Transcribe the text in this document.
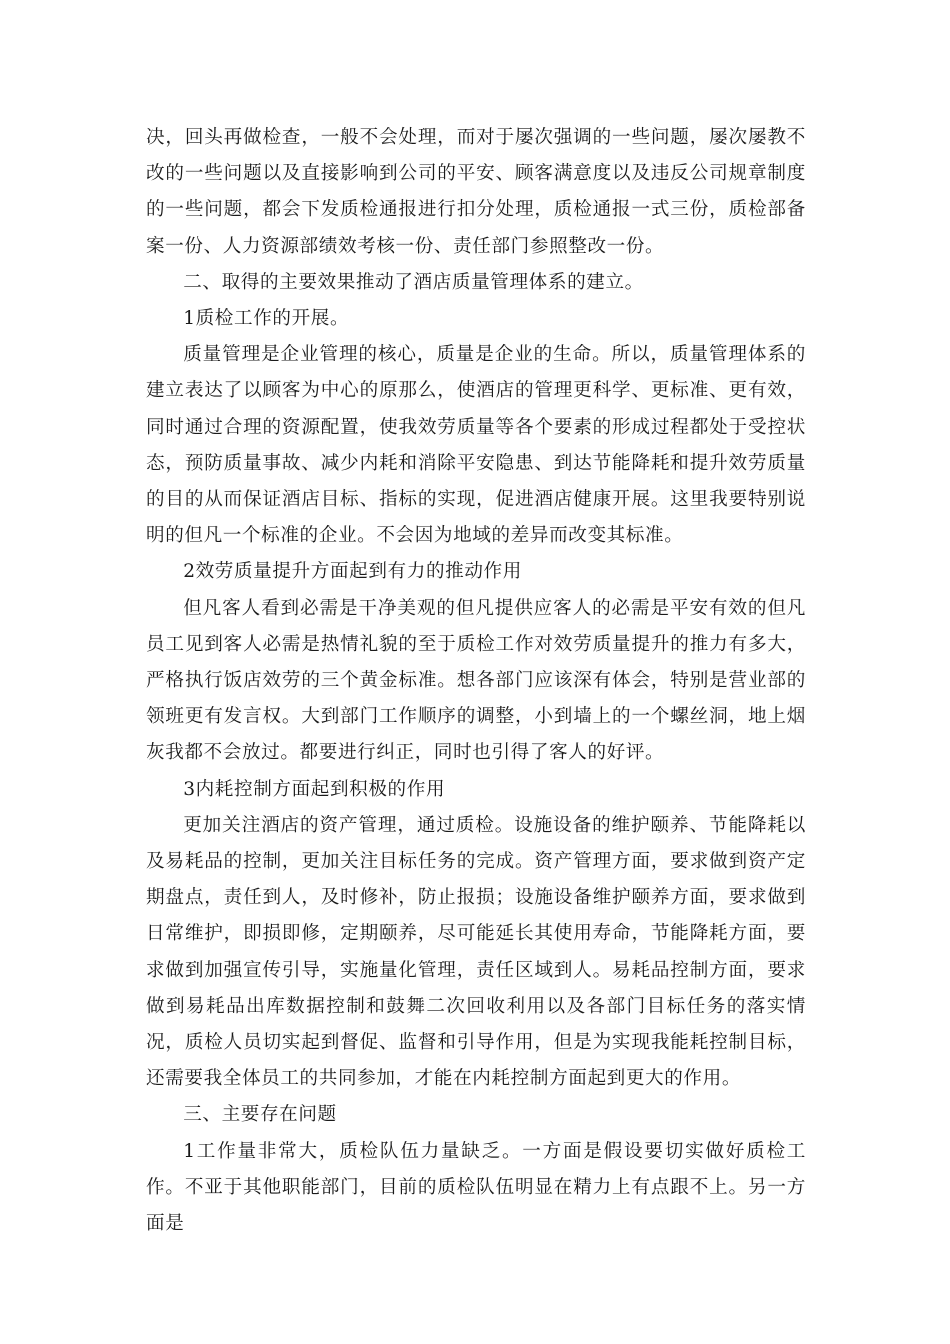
决，回头再做检查，一般不会处理，而对于屡次强调的一些问题，屡次屡教不改的一些问题以及直接影响到公司的平安、顾客满意度以及违反公司规章制度的一些问题，都会下发质检通报进行扣分处理，质检通报一式三份，质检部备案一份、人力资源部绩效考核一份、责任部门参照整改一份。

二、取得的主要效果推动了酒店质量管理体系的建立。

1质检工作的开展。

质量管理是企业管理的核心，质量是企业的生命。所以，质量管理体系的建立表达了以顾客为中心的原那么，使酒店的管理更科学、更标准、更有效，同时通过合理的资源配置，使我效劳质量等各个要素的形成过程都处于受控状态，预防质量事故、减少内耗和消除平安隐患、到达节能降耗和提升效劳质量的目的从而保证酒店目标、指标的实现，促进酒店健康开展。这里我要特别说明的但凡一个标准的企业。不会因为地域的差异而改变其标准。

2效劳质量提升方面起到有力的推动作用

但凡客人看到必需是干净美观的但凡提供应客人的必需是平安有效的但凡员工见到客人必需是热情礼貌的至于质检工作对效劳质量提升的推力有多大，严格执行饭店效劳的三个黄金标准。想各部门应该深有体会，特别是营业部的领班更有发言权。大到部门工作顺序的调整，小到墙上的一个螺丝洞，地上烟灰我都不会放过。都要进行纠正，同时也引得了客人的好评。

3内耗控制方面起到积极的作用

更加关注酒店的资产管理，通过质检。设施设备的维护颐养、节能降耗以及易耗品的控制，更加关注目标任务的完成。资产管理方面，要求做到资产定期盘点，责任到人，及时修补，防止报损；设施设备维护颐养方面，要求做到日常维护，即损即修，定期颐养，尽可能延长其使用寿命，节能降耗方面，要求做到加强宣传引导，实施量化管理，责任区域到人。易耗品控制方面，要求做到易耗品出库数据控制和鼓舞二次回收利用以及各部门目标任务的落实情况，质检人员切实起到督促、监督和引导作用，但是为实现我能耗控制目标，还需要我全体员工的共同参加，才能在内耗控制方面起到更大的作用。

三、主要存在问题

1工作量非常大，质检队伍力量缺乏。一方面是假设要切实做好质检工作。不亚于其他职能部门，目前的质检队伍明显在精力上有点跟不上。另一方面是
